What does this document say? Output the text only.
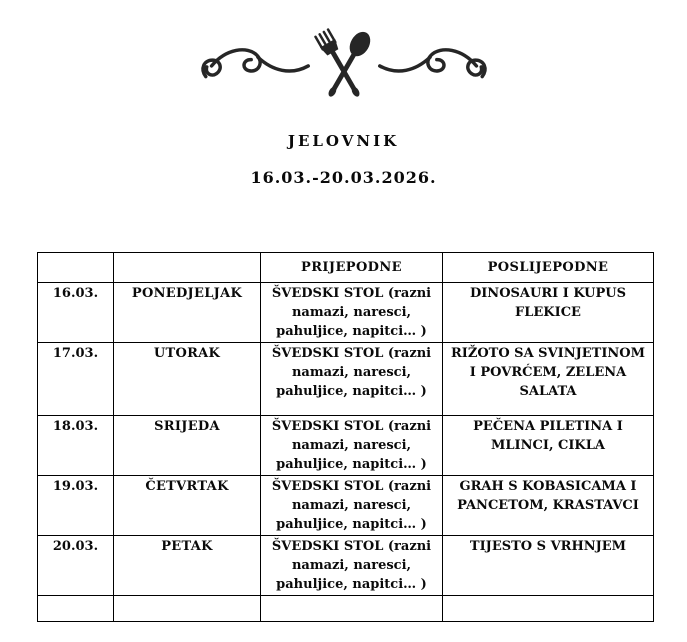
JELOVNIK
16.03.-20.03.2026.
		PRIJEPODNE	POSLIJEPODNE
16.03.	PONEDJELJAK	ŠVEDSKI STOL (razni namazi, naresci, pahuljice, napitci… )	DINOSAURI I KUPUS FLEKICE
17.03.	UTORAK	ŠVEDSKI STOL (razni namazi, naresci, pahuljice, napitci… )	RIŽOTO SA SVINJETINOM I POVRĆEM, ZELENA SALATA
18.03.	SRIJEDA	ŠVEDSKI STOL (razni namazi, naresci, pahuljice, napitci… )	PEČENA PILETINA I MLINCI, CIKLA
19.03.	ČETVRTAK	ŠVEDSKI STOL (razni namazi, naresci, pahuljice, napitci… )	GRAH S KOBASICAMA I PANCETOM, KRASTAVCI
20.03.	PETAK	ŠVEDSKI STOL (razni namazi, naresci, pahuljice, napitci… )	TIJESTO S VRHNJEM
